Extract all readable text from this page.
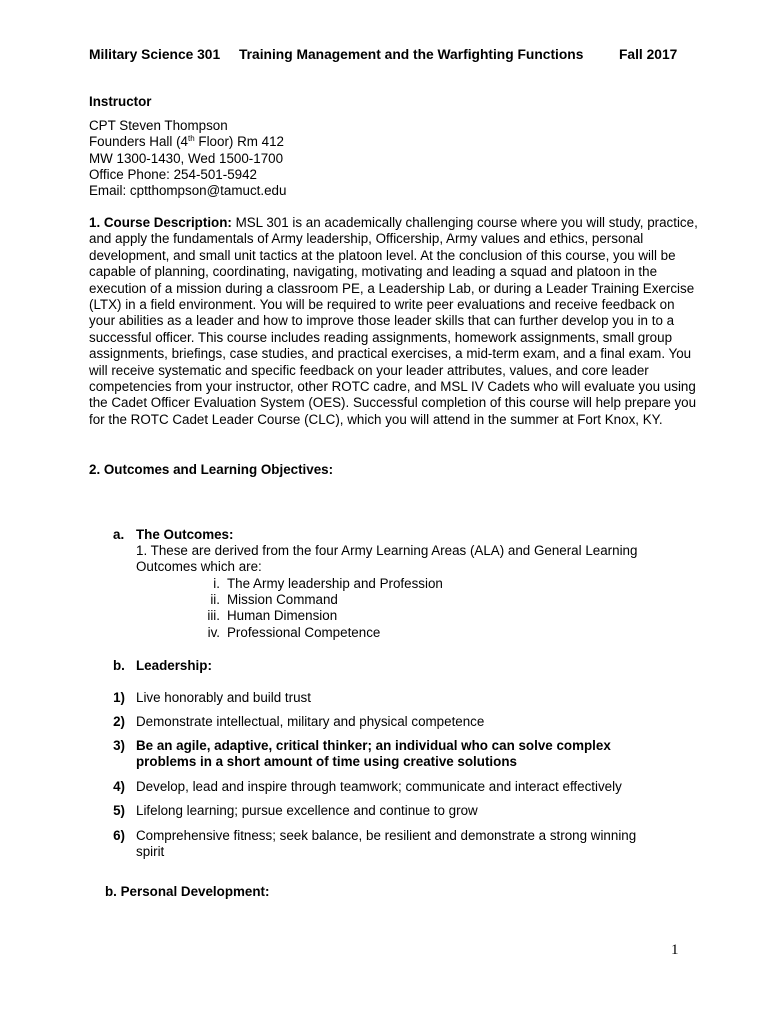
Military Science 301 Training Management and the Warfighting Functions	Fall 2017
Instructor
CPT Steven Thompson
Founders Hall (4th Floor) Rm 412
MW 1300-1430, Wed 1500-1700
Office Phone: 254-501-5942
Email: cptthompson@tamuct.edu
1. Course Description: MSL 301 is an academically challenging course where you will study, practice, and apply the fundamentals of Army leadership, Officership, Army values and ethics, personal development, and small unit tactics at the platoon level. At the conclusion of this course, you will be capable of planning, coordinating, navigating, motivating and leading a squad and platoon in the execution of a mission during a classroom PE, a Leadership Lab, or during a Leader Training Exercise (LTX) in a field environment. You will be required to write peer evaluations and receive feedback on your abilities as a leader and how to improve those leader skills that can further develop you in to a successful officer. This course includes reading assignments, homework assignments, small group assignments, briefings, case studies, and practical exercises, a mid-term exam, and a final exam. You will receive systematic and specific feedback on your leader attributes, values, and core leader competencies from your instructor, other ROTC cadre, and MSL IV Cadets who will evaluate you using the Cadet Officer Evaluation System (OES). Successful completion of this course will help prepare you for the ROTC Cadet Leader Course (CLC), which you will attend in the summer at Fort Knox, KY.
2. Outcomes and Learning Objectives:
a. The Outcomes:
1. These are derived from the four Army Learning Areas (ALA) and General Learning
Outcomes which are:
i. The Army leadership and Profession
ii. Mission Command
iii. Human Dimension
iv. Professional Competence
b. Leadership:
1) Live honorably and build trust
2) Demonstrate intellectual, military and physical competence
3) Be an agile, adaptive, critical thinker; an individual who can solve complex problems in a short amount of time using creative solutions
4) Develop, lead and inspire through teamwork; communicate and interact effectively
5) Lifelong learning; pursue excellence and continue to grow
6) Comprehensive fitness; seek balance, be resilient and demonstrate a strong winning spirit
b. Personal Development:
1
